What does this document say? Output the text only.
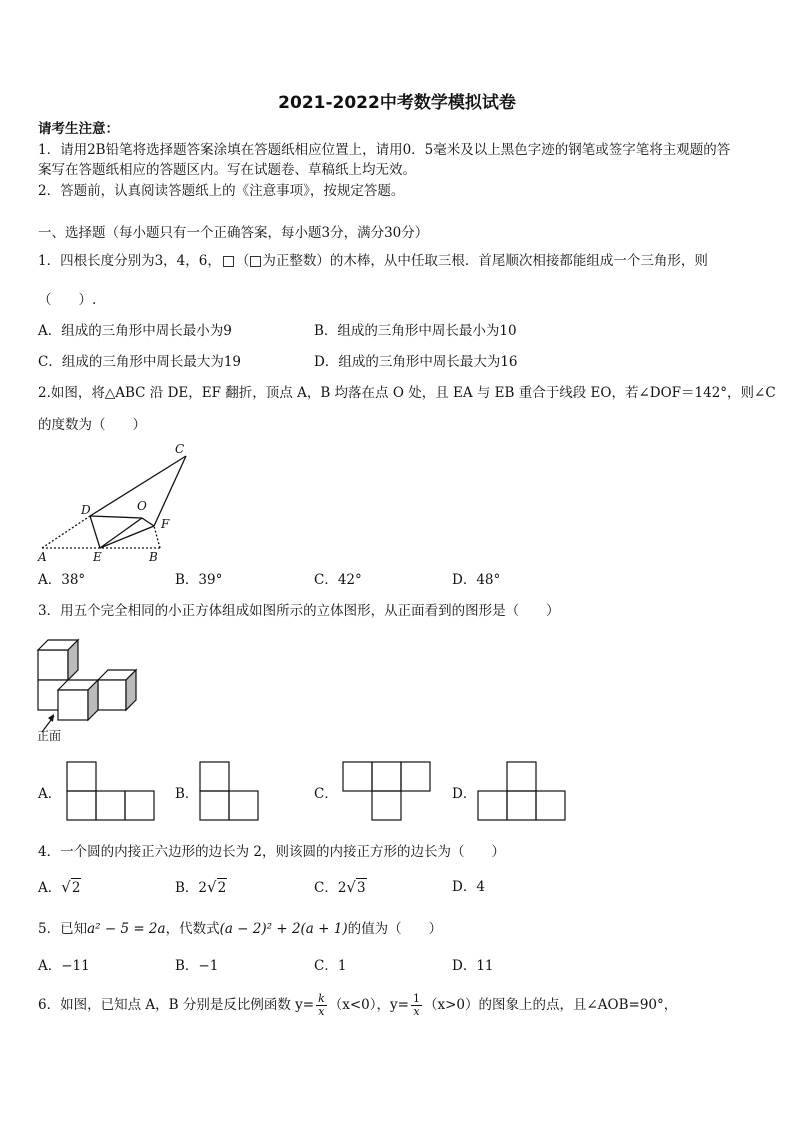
2021-2022中考数学模拟试卷
请考生注意：
1．请用2B铅笔将选择题答案涂填在答题纸相应位置上，请用0．5毫米及以上黑色字迹的钢笔或签字笔将主观题的答
案写在答题纸相应的答题区内。写在试题卷、草稿纸上均无效。
2．答题前，认真阅读答题纸上的《注意事项》，按规定答题。
一、选择题（每小题只有一个正确答案，每小题3分，满分30分）
1．四根长度分别为3，4，6， （ 为正整数）的木棒，从中任取三根．首尾顺次相接都能组成一个三角形，则
（　　）.
A．组成的三角形中周长最小为9	B．组成的三角形中周长最小为10
C．组成的三角形中周长最大为19	D．组成的三角形中周长最大为16
2.如图，将△ABC 沿 DE，EF 翻折，顶点 A，B 均落在点 O 处，且 EA 与 EB 重合于线段 EO，若∠DOF＝142°，则∠C
的度数为（　　）
C
D	O
F
A	E	B
A．38°	B．39°	C．42°	D．48°
3．用五个完全相同的小正方体组成如图所示的立体图形，从正面看到的图形是（　　）
正面
A．	B．	C．	D．
4．一个圆的内接正六边形的边长为 2，则该圆的内接正方形的边长为（　　）
A．√2	B．2√2	C．2√3	D．4
5．已知a² − 5 = 2a，代数式(a − 2)² + 2(a + 1)的值为（　　）
A．−11	B．−1	C．1	D．11
6．如图，已知点 A，B 分别是反比例函数 $y= \frac{k}{x} (x<0)$，$y= \frac{1}{x} (x>0)$的图象上的点，且∠AOB=90°，
